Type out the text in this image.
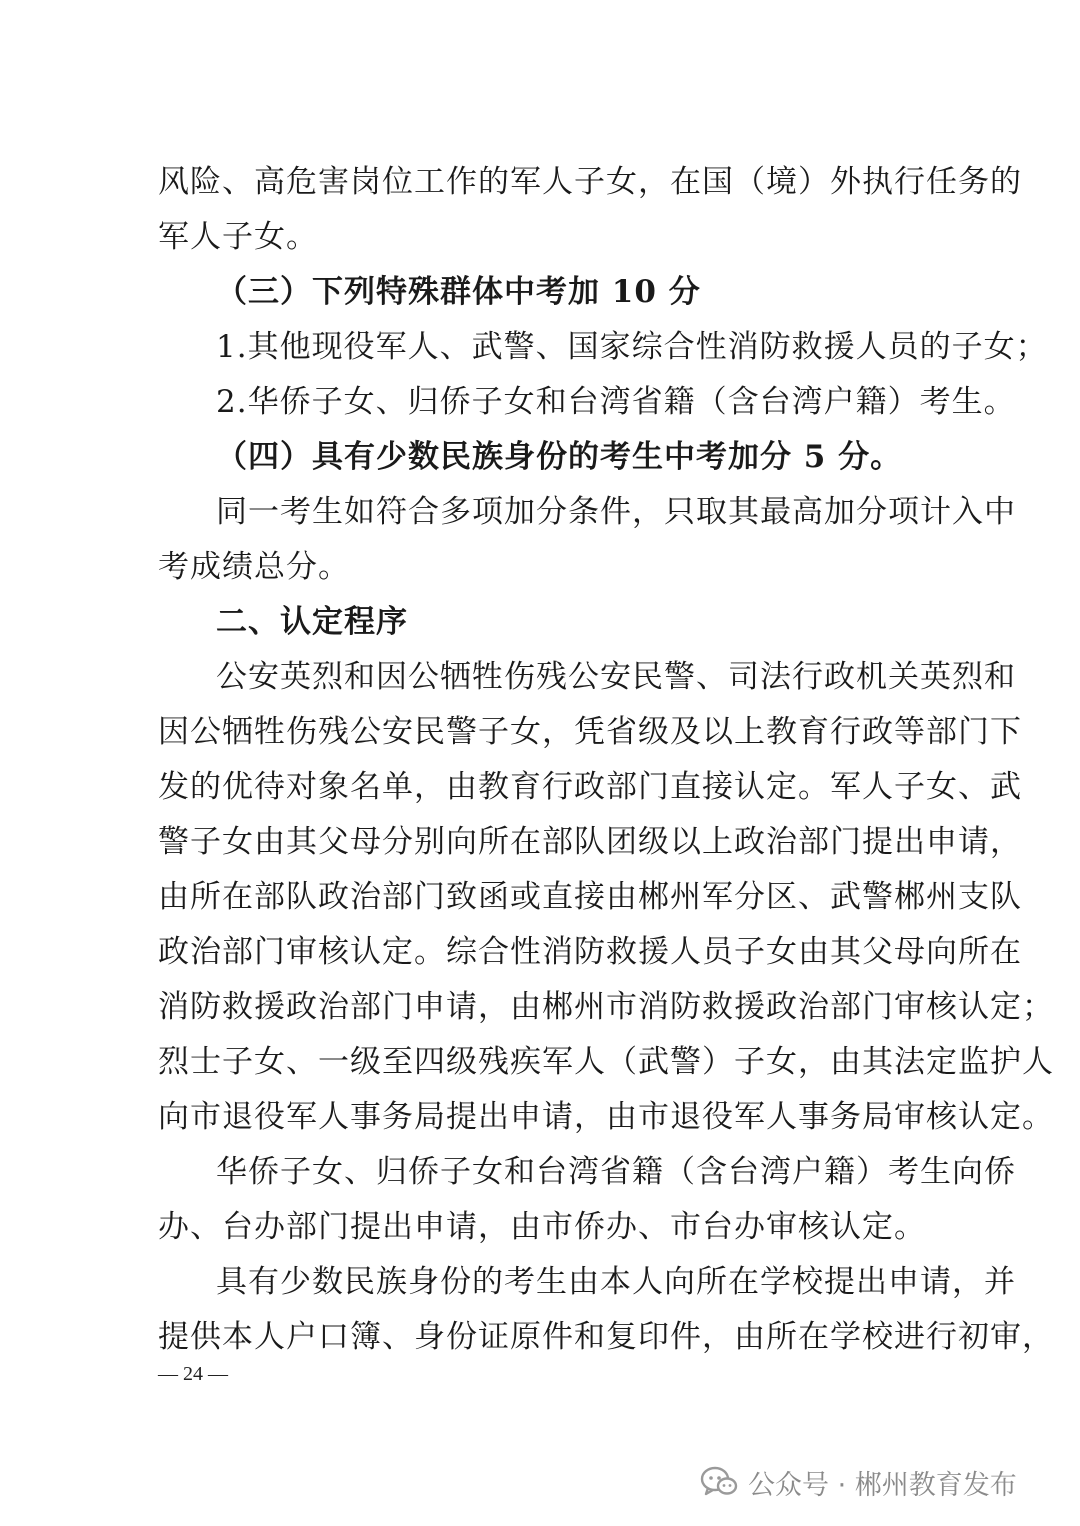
风险、高危害岗位工作的军人子女，在国（境）外执行任务的
军人子女。
（三）下列特殊群体中考加 10 分
1.其他现役军人、武警、国家综合性消防救援人员的子女；
2.华侨子女、归侨子女和台湾省籍（含台湾户籍）考生。
（四）具有少数民族身份的考生中考加分 5 分。
同一考生如符合多项加分条件，只取其最高加分项计入中
考成绩总分。
二、认定程序
公安英烈和因公牺牲伤残公安民警、司法行政机关英烈和
因公牺牲伤残公安民警子女，凭省级及以上教育行政等部门下
发的优待对象名单，由教育行政部门直接认定。军人子女、武
警子女由其父母分别向所在部队团级以上政治部门提出申请，
由所在部队政治部门致函或直接由郴州军分区、武警郴州支队
政治部门审核认定。综合性消防救援人员子女由其父母向所在
消防救援政治部门申请，由郴州市消防救援政治部门审核认定；
烈士子女、一级至四级残疾军人（武警）子女，由其法定监护人
向市退役军人事务局提出申请，由市退役军人事务局审核认定。
华侨子女、归侨子女和台湾省籍（含台湾户籍）考生向侨
办、台办部门提出申请，由市侨办、市台办审核认定。
具有少数民族身份的考生由本人向所在学校提出申请，并
提供本人户口簿、身份证原件和复印件，由所在学校进行初审，
— 24 —
公众号 · 郴州教育发布
